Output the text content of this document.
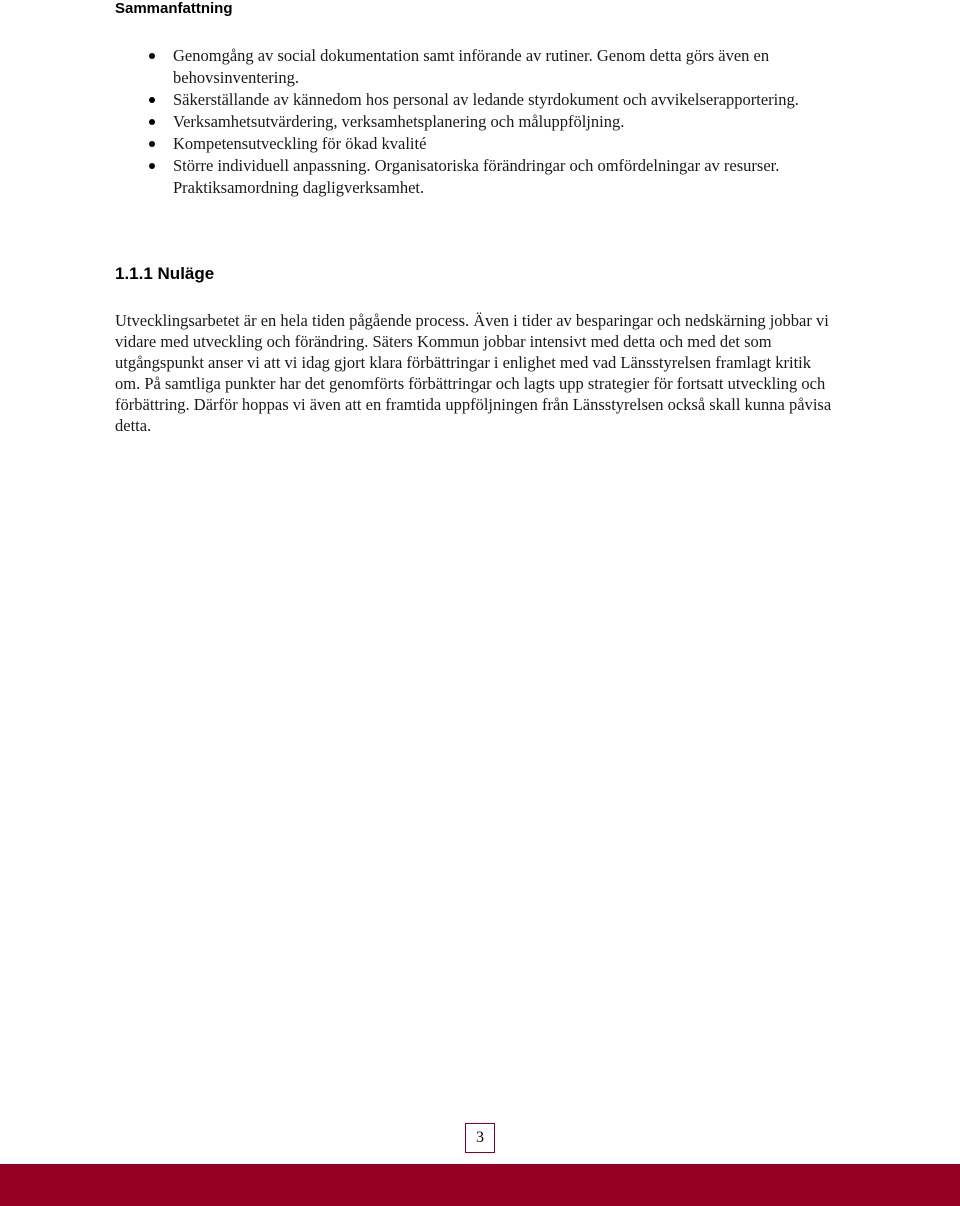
Sammanfattning
Genomgång av social dokumentation samt införande av rutiner. Genom detta görs även en behovsinventering.
Säkerställande av kännedom hos personal av ledande styrdokument och avvikelserapportering.
Verksamhetsutvärdering, verksamhetsplanering och måluppföljning.
Kompetensutveckling för ökad kvalité
Större individuell anpassning. Organisatoriska förändringar och omfördelningar av resurser. Praktiksamordning dagligverksamhet.
1.1.1 Nuläge

Utvecklingsarbetet är en hela tiden pågående process. Även i tider av besparingar och nedskärning jobbar vi vidare med utveckling och förändring. Säters Kommun jobbar intensivt med detta och med det som utgångspunkt anser vi att vi idag gjort klara förbättringar i enlighet med vad Länsstyrelsen framlagt kritik om. På samtliga punkter har det genomförts förbättringar och lagts upp strategier för fortsatt utveckling och förbättring. Därför hoppas vi även att en framtida uppföljningen från Länsstyrelsen också skall kunna påvisa detta.

3
